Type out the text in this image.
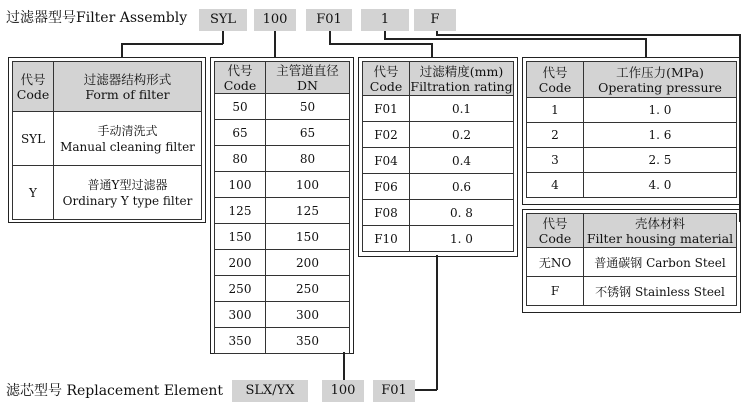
过滤器型号Filter Assembly	SYL	100	F01	1	F
代号
Code	过滤器结构形式
Form of filter

SYL	手动清洗式
Manual cleaning filter

Y	普通Y型过滤器
Ordinary Y type filter
代号
Code	主管道直径
DN

50	50
65	65
80	80
100	100
125	125
150	150
200	200
250	250
300	300
350	350
代号
Code	过滤精度(mm)
Filtration rating

F01	0.1
F02	0.2
F04	0.4
F06	0.6
F08	0. 8
F10	1. 0
代号
Code	工作压力(MPa)
Operating pressure

1	1. 0
2	1. 6
3	2. 5
4	4. 0
代号
Code	壳体材料
Filter housing material

无NO	普通碳钢 Carbon Steel
F	不锈钢 Stainless Steel
滤芯型号 Replacement Element	SLX/YX	100	F01
